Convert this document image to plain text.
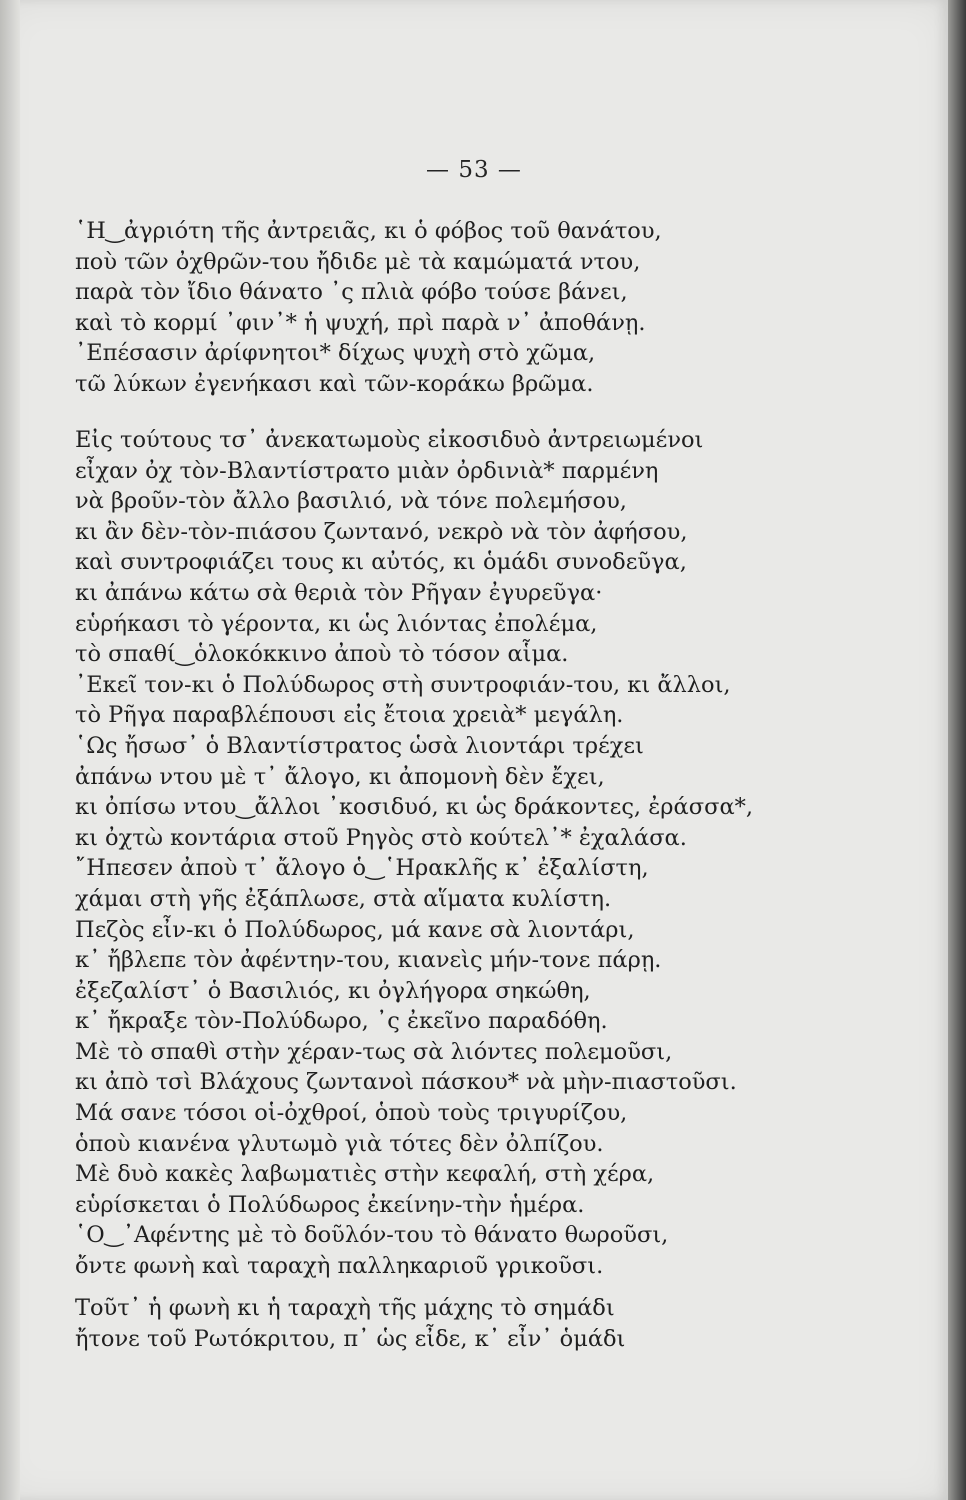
— 53 —
῾Η‿ἀγριότη τῆς ἀντρειᾶς, κι ὁ φόβος τοῦ θανάτου,
ποὺ τῶν ὀχθρῶν-του ἤδιδε μὲ τὰ καμώματά ντου,
παρὰ τὸν ἴδιο θάνατο ᾽ς πλιὰ φόβο τούσε βάνει,
καὶ τὸ κορμί ᾽φιν᾽* ἡ ψυχή, πρὶ παρὰ ν᾽ ἀποθάνῃ.
᾽Επέσασιν ἀρίφνητοι* δίχως ψυχὴ στὸ χῶμα,
τῶ λύκων ἐγενήκασι καὶ τῶν-κοράκω βρῶμα.
Εἰς τούτους τσ᾽ ἀνεκατωμοὺς εἰκοσιδυὸ ἀντρειωμένοι
εἶχαν ὀχ τὸν-Βλαντίστρατο μιὰν ὀρδινιὰ* παρμένη
νὰ βροῦν-τὸν ἄλλο βασιλιό, νὰ τόνε πολεμήσου,
κι ἂν δὲν-τὸν-πιάσου ζωντανό, νεκρὸ νὰ τὸν ἀφήσου,
καὶ συντροφιάζει τους κι αὐτός, κι ὁμάδι συνοδεῦγα,
κι ἀπάνω κάτω σὰ θεριὰ τὸν Ρῆγαν ἐγυρεῦγα·
εὑρήκασι τὸ γέροντα, κι ὡς λιόντας ἐπολέμα,
τὸ σπαθί‿ὁλοκόκκινο ἀποὺ τὸ τόσον αἷμα.
᾽Εκεῖ τον-κι ὁ Πολύδωρος στὴ συντροφιάν-του, κι ἄλλοι,
τὸ Ρῆγα παραβλέπουσι εἰς ἔτοια χρειὰ* μεγάλη.
῾Ως ἤσωσ᾽ ὁ Βλαντίστρατος ὡσὰ λιοντάρι τρέχει
ἀπάνω ντου μὲ τ᾽ ἄλογο, κι ἀπομονὴ δὲν ἔχει,
κι ὀπίσω ντου‿ἄλλοι ᾽κοσιδυό, κι ὡς δράκοντες, ἐράσσα*,
κι ὀχτὼ κοντάρια στοῦ Ρηγὸς στὸ κούτελ᾽* ἐχαλάσα.
῎Ηπεσεν ἀποὺ τ᾽ ἄλογο ὁ‿῾Ηρακλῆς κ᾽ ἐξαλίστη,
χάμαι στὴ γῆς ἐξάπλωσε, στὰ αἵματα κυλίστη.
Πεζὸς εἶν-κι ὁ Πολύδωρος, μά κανε σὰ λιοντάρι,
κ᾽ ἤβλεπε τὸν ἀφέντην-του, κιανεὶς μήν-τονε πάρῃ.
ἐξεζαλίστ᾽ ὁ Βασιλιός, κι ὀγλήγορα σηκώθη,
κ᾽ ἤκραξε τὸν-Πολύδωρο, ᾽ς ἐκεῖνο παραδόθη.
Μὲ τὸ σπαθὶ στὴν χέραν-τως σὰ λιόντες πολεμοῦσι,
κι ἀπὸ τσὶ Βλάχους ζωντανοὶ πάσκου* νὰ μὴν-πιαστοῦσι.
Μά σανε τόσοι οἱ-ὀχθροί, ὁποὺ τοὺς τριγυρίζου,
ὁποὺ κιανένα γλυτωμὸ γιὰ τότες δὲν ὀλπίζου.
Μὲ δυὸ κακὲς λαβωματιὲς στὴν κεφαλή, στὴ χέρα,
εὑρίσκεται ὁ Πολύδωρος ἐκείνην-τὴν ἡμέρα.
῾Ο‿᾽Αφέντης μὲ τὸ δοῦλόν-του τὸ θάνατο θωροῦσι,
ὄντε φωνὴ καὶ ταραχὴ παλληκαριοῦ γρικοῦσι.
Τοῦτ᾽ ἡ φωνὴ κι ἡ ταραχὴ τῆς μάχης τὸ σημάδι
ἤτονε τοῦ Ρωτόκριτου, π᾽ ὡς εἶδε, κ᾽ εἶν᾽ ὁμάδι
